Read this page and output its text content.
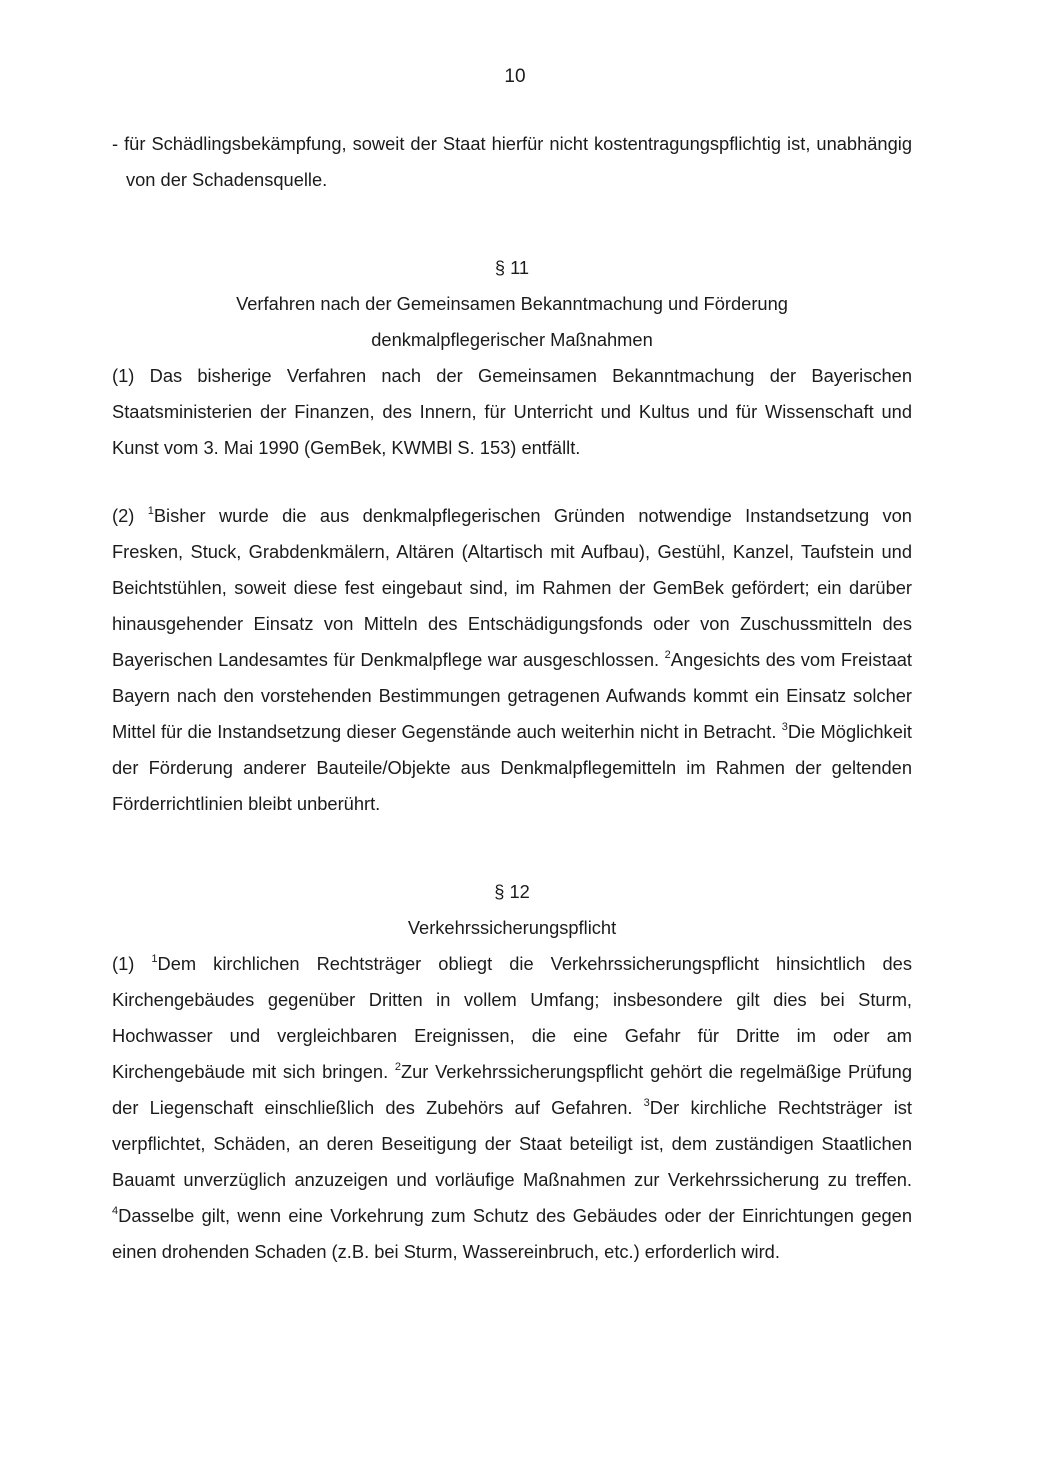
10

- für Schädlingsbekämpfung, soweit der Staat hierfür nicht kostentragungspflichtig ist, unabhängig von der Schadensquelle.

§ 11
Verfahren nach der Gemeinsamen Bekanntmachung und Förderung
denkmalpflegerischer Maßnahmen

(1) Das bisherige Verfahren nach der Gemeinsamen Bekanntmachung der Bayerischen Staatsministerien der Finanzen, des Innern, für Unterricht und Kultus und für Wissenschaft und Kunst vom 3. Mai 1990 (GemBek, KWMBl S. 153) entfällt.

(2) $^1$Bisher wurde die aus denkmalpflegerischen Gründen notwendige Instandsetzung von Fresken, Stuck, Grabdenkmälern, Altären (Altartisch mit Aufbau), Gestühl, Kanzel, Taufstein und Beichtstühlen, soweit diese fest eingebaut sind, im Rahmen der GemBek gefördert; ein darüber hinausgehender Einsatz von Mitteln des Entschädigungsfonds oder von Zuschussmitteln des Bayerischen Landesamtes für Denkmalpflege war ausgeschlossen. $^2$Angesichts des vom Freistaat Bayern nach den vorstehenden Bestimmungen getragenen Aufwands kommt ein Einsatz solcher Mittel für die Instandsetzung dieser Gegenstände auch weiterhin nicht in Betracht. $^3$Die Möglichkeit der Förderung anderer Bauteile/Objekte aus Denkmalpflegemitteln im Rahmen der geltenden Förderrichtlinien bleibt unberührt.

§ 12
Verkehrssicherungspflicht

(1) $^1$Dem kirchlichen Rechtsträger obliegt die Verkehrssicherungspflicht hinsichtlich des Kirchengebäudes gegenüber Dritten in vollem Umfang; insbesondere gilt dies bei Sturm, Hochwasser und vergleichbaren Ereignissen, die eine Gefahr für Dritte im oder am Kirchengebäude mit sich bringen. $^2$Zur Verkehrssicherungspflicht gehört die regelmäßige Prüfung der Liegenschaft einschließlich des Zubehörs auf Gefahren. $^3$Der kirchliche Rechtsträger ist verpflichtet, Schäden, an deren Beseitigung der Staat beteiligt ist, dem zuständigen Staatlichen Bauamt unverzüglich anzuzeigen und vorläufige Maßnahmen zur Verkehrssicherung zu treffen. $^4$Dasselbe gilt, wenn eine Vorkehrung zum Schutz des Gebäudes oder der Einrichtungen gegen einen drohenden Schaden (z.B. bei Sturm, Wassereinbruch, etc.) erforderlich wird.
